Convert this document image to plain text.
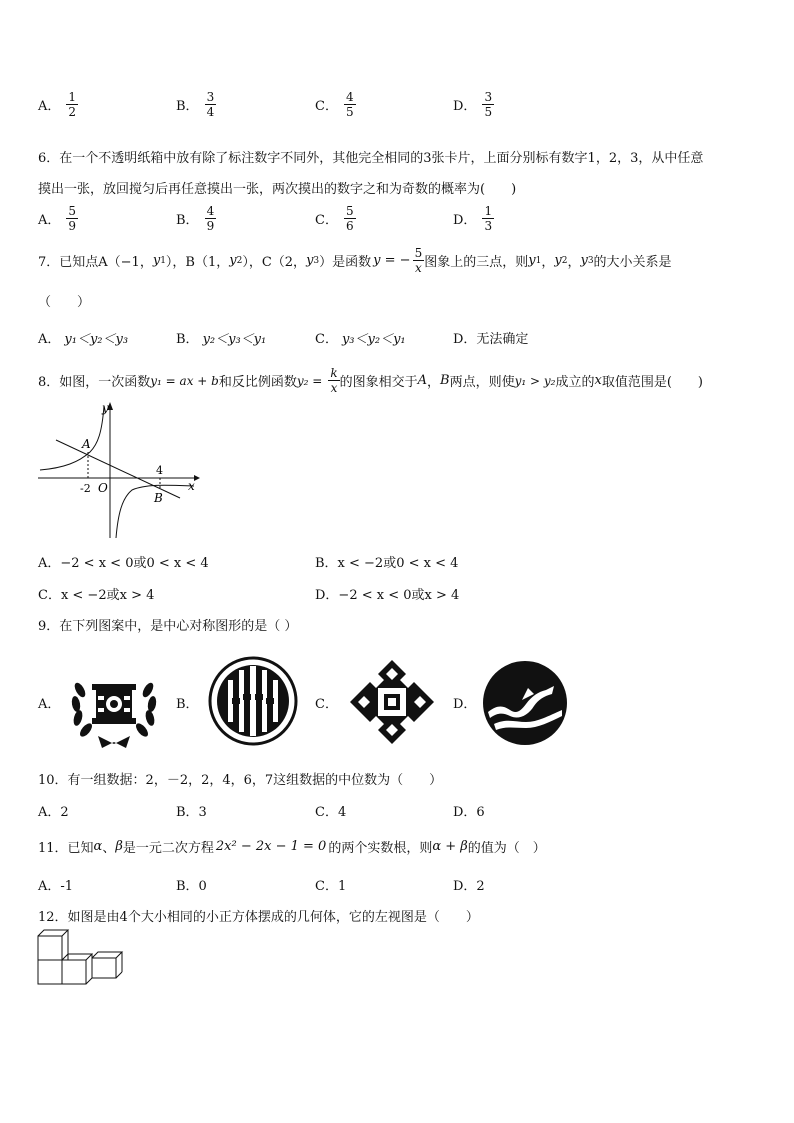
A． $\frac{1}{2}$	B． $\frac{3}{4}$	C． $\frac{4}{5}$	D． $\frac{3}{5}$
6．在一个不透明纸箱中放有除了标注数字不同外，其他完全相同的3张卡片，上面分别标有数字1，2，3，从中任意
摸出一张，放回搅匀后再任意摸出一张，两次摸出的数字之和为奇数的概率为(　　)
A． $\frac{5}{9}$	B． $\frac{4}{9}$	C． $\frac{5}{6}$	D． $\frac{1}{3}$
7．已知点A（−1， y 1 ），B（1， y 2 ），C（2， y 3 ）是函数 y = − $\frac{5}{x}$ 图象上的三点，则 y 1 ， y 2 ， y 3 的大小关系是
（　　）
A． y₁＜y₂＜y₃	B． y₂＜y₃＜y₁	C． y₃＜y₂＜y₁	D．无法确定
8．如图，一次函数 y₁ = ax + b 和反比例函数 $y_2 = \frac{k}{x}$ 的图象相交于 A ， B 两点，则使 y₁ > y₂ 成立的 x 取值范围是(　　)
y
x
A
B
-2 O
4
A．−2 < x < 0或0 < x < 4	B．x < −2或0 < x < 4
C．x < −2或x > 4	D．−2 < x < 0或x > 4
9．在下列图案中，是中心对称图形的是（ ）
A．	B．	C．	D．
10．有一组数据：2，－2，2，4，6，7这组数据的中位数为（　　）
A．2	B．3	C．4	D．6
11．已知 α 、 β 是一元二次方程 2x² − 2x − 1 = 0 的两个实数根，则 α + β 的值为（　）
A．-1	B．0	C．1	D．2
12．如图是由4个大小相同的小正方体摆成的几何体，它的左视图是（　　）
